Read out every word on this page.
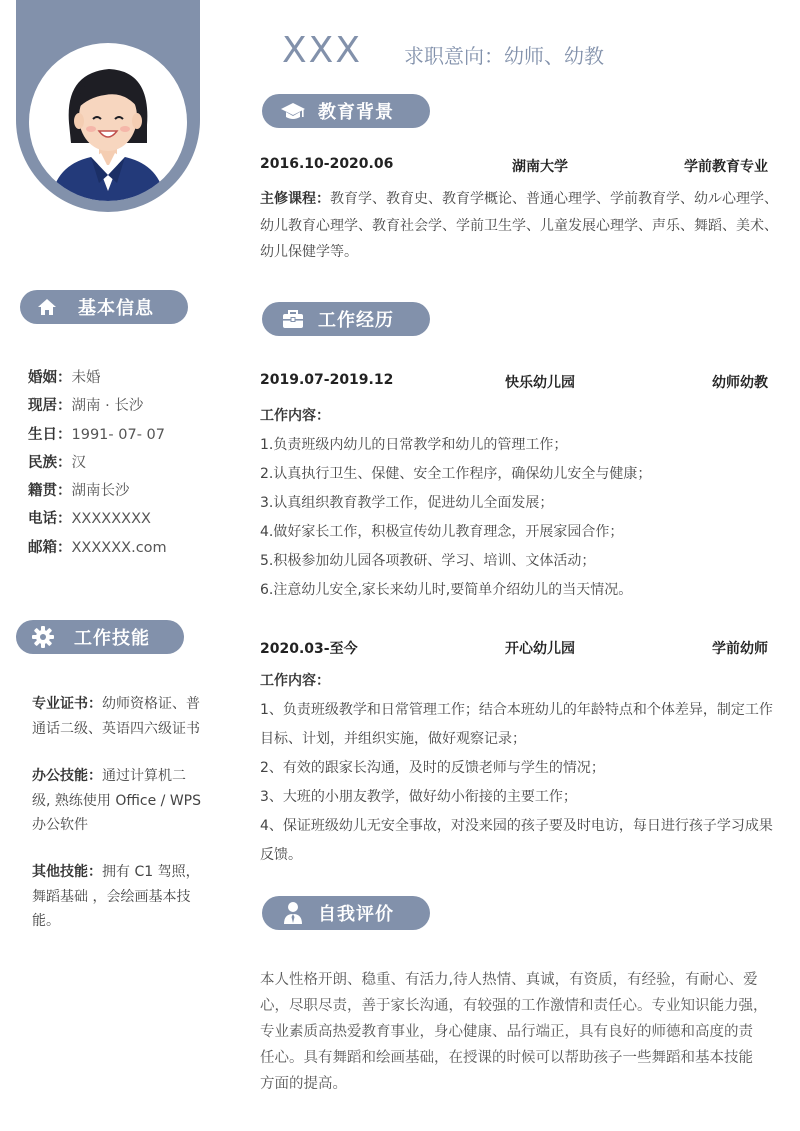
基本信息
婚姻：未婚
现居：湖南 · 长沙
生日：1991- 07- 07
民族：汉
籍贯：湖南长沙
电话：XXXXXXXX
邮箱：XXXXXX.com
工作技能
专业证书：幼师资格证、普
通话二级、英语四六级证书
办公技能：通过计算机二
级, 熟练使用 Office / WPS
办公软件
其他技能：拥有 C1 驾照，
舞蹈基础 ，会绘画基本技
能。
XXX 求职意向：幼师、幼教
教育背景
2016.10-2020.06	湖南大学	学前教育专业
主修课程：教育学、教育史、教育学概论、普通心理学、学前教育学、幼ル心理学、
幼儿教育心理学、教育社会学、学前卫生学、儿童发展心理学、声乐、舞蹈、美术、
幼儿保健学等。
工作经历
2019.07-2019.12	快乐幼儿园	幼师幼教
工作内容：
1.负责班级内幼儿的日常教学和幼儿的管理工作；
2.认真执行卫生、保健、安全工作程序，确保幼儿安全与健康；
3.认真组织教育教学工作，促进幼儿全面发展；
4.做好家长工作，积极宣传幼儿教育理念，开展家园合作；
5.积极参加幼儿园各项教研、学习、培训、文体活动；
6.注意幼儿安全,家长来幼儿时,要简单介绍幼儿的当天情况。
2020.03-至今	开心幼儿园	学前幼师
工作内容：
1、负责班级教学和日常管理工作；结合本班幼儿的年龄特点和个体差异，制定工作
目标、计划，并组织实施，做好观察记录；
2、有效的跟家长沟通，及时的反馈老师与学生的情况；
3、大班的小朋友教学，做好幼小衔接的主要工作；
4、保证班级幼儿无安全事故，对没来园的孩子要及时电访，每日进行孩子学习成果
反馈。
自我评价
本人性格开朗、稳重、有活力,待人热情、真诚，有资质，有经验，有耐心、爱
心，尽职尽责，善于家长沟通，有较强的工作激情和责任心。专业知识能力强，
专业素质高热爱教育事业，身心健康、品行端正，具有良好的师德和高度的责
任心。具有舞蹈和绘画基础，在授课的时候可以帮助孩子一些舞蹈和基本技能
方面的提高。
